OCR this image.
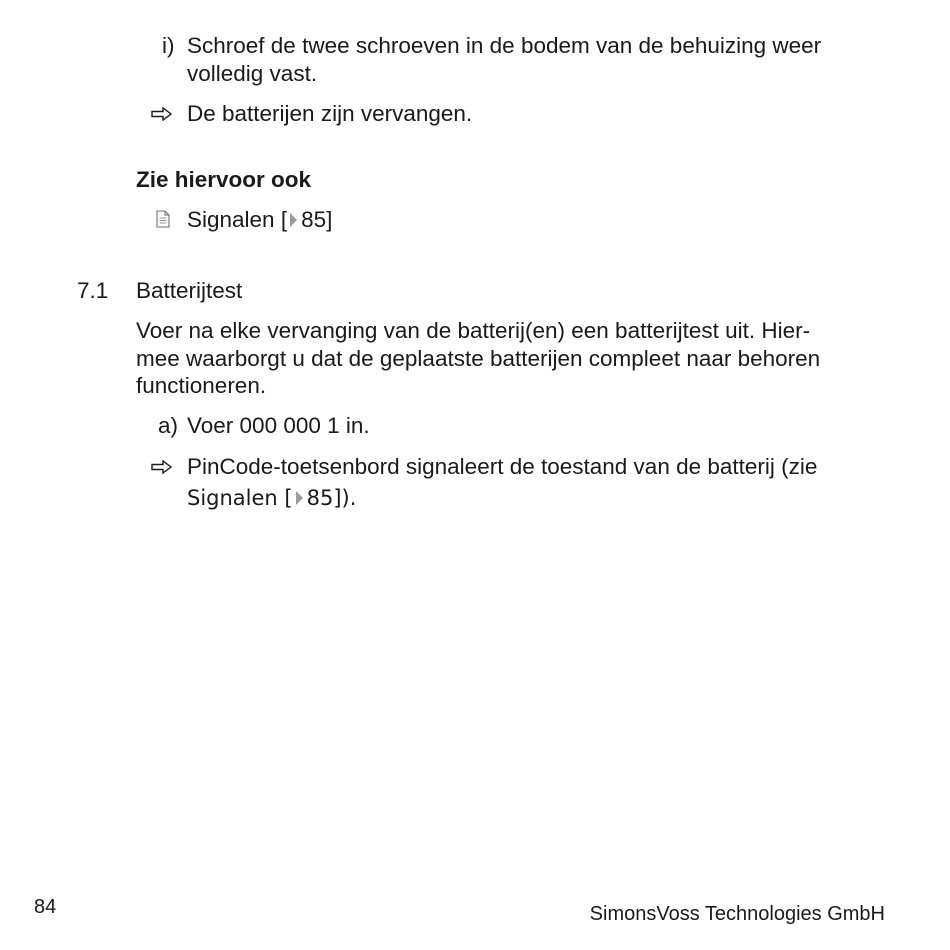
i) Schroef de twee schroeven in de bodem van de behuizing weer
volledig vast.
De batterijen zijn vervangen.
Zie hiervoor ook
Signalen [ 85]
7.1 Batterijtest
Voer na elke vervanging van de batterij(en) een batterijtest uit. Hier-
mee waarborgt u dat de geplaatste batterijen compleet naar behoren
functioneren.
a) Voer 000 000 1 in.
PinCode-toetsenbord signaleert de toestand van de batterij (zie
Signalen [ 85]).
84	SimonsVoss Technologies GmbH
